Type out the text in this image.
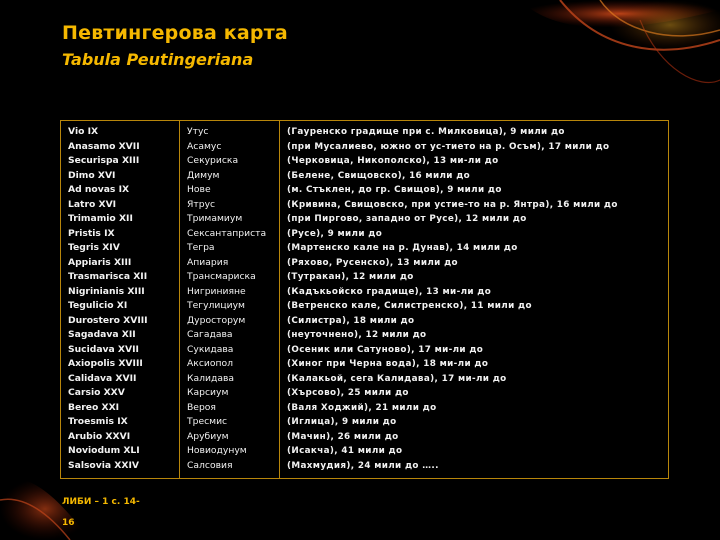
Певтингерова карта
Tabula Peutingeriana
Vio IX
Anasamo XVII
Securispa XIII
Dimo XVI
Ad novas IX
Latro XVI
Trimamio XII
Pristis IX
Tegris XIV
Appiaris XIII
Trasmarisca XII
Nigrinianis XIII
Tegulicio XI
Durostero XVIII
Sagadava XII
Sucidava XVII
Axiopolis XVIII
Calidava XVII
Carsio XXV
Bereo XXI
Troesmis IX
Arubio XXVI
Noviodum XLI
Salsovia XXIV
Утус
Асамус
Секуриска
Димум
Нове
Ятрус
Тримамиум
Сексантаприста
Тегра
Апиария
Трансмариска
Нигринияне
Тегулициум
Дуросторум
Сагадава
Сукидава
Аксиопол
Калидава
Карсиум
Вероя
Тресмис
Арубиум
Новиодунум
Салсовия
(Гауренско градище при с. Милковица), 9 мили до
(при Мусалиево, южно от ус-тието на р. Осъм), 17 мили до
(Черковица, Никополско), 13 ми-ли до
(Белене, Свищовско), 16 мили до
(м. Стъклен, до гр. Свищов), 9 мили до
(Кривина, Свищовско, при устие-то на р. Янтра), 16 мили до
(при Пиргово, западно от Русе), 12 мили до
(Русе), 9 мили до
(Мартенско кале на р. Дунав), 14 мили до
(Ряхово, Русенско), 13 мили до
(Тутракан), 12 мили до
(Кадъкьойско градище), 13 ми-ли до
(Ветренско кале, Силистренско), 11 мили до
(Силистра), 18 мили до
(неуточнено), 12 мили до
(Осеник или Сатуново), 17 ми-ли до
(Хиног при Черна вода), 18 ми-ли до
(Калакьой, сега Калидава), 17 ми-ли до
(Хърсово), 25 мили до
(Валя Ходжий), 21 мили до
(Иглица), 9 мили до
(Мачин), 26 мили до
(Исакча), 41 мили до
(Махмудия), 24 мили до …..
ЛИБИ – 1 с. 14-
16
